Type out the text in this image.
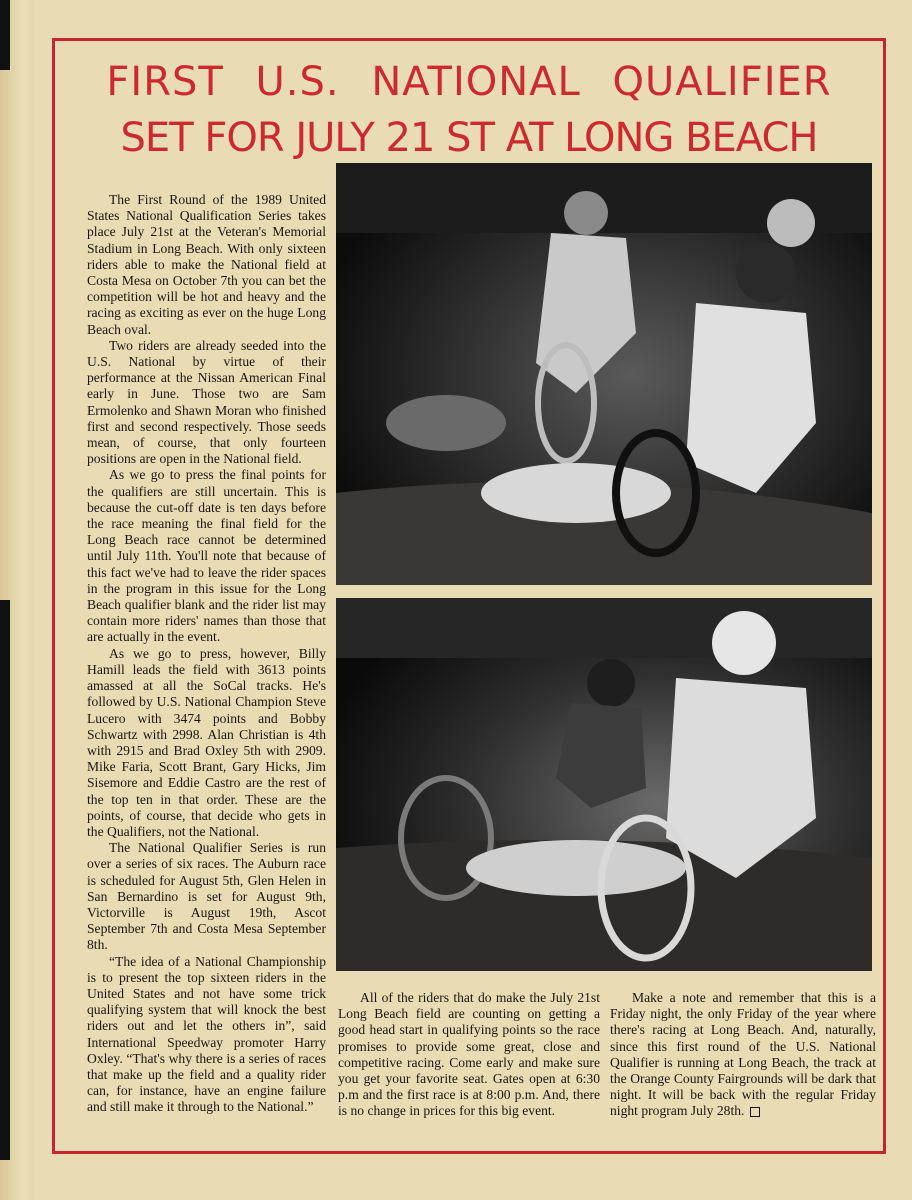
FIRST U.S. NATIONAL QUALIFIER
SET FOR JULY 21 ST AT LONG BEACH

The First Round of the 1989 United States National Qualification Series takes place July 21st at the Veteran's Memorial Stadium in Long Beach. With only sixteen riders able to make the National field at Costa Mesa on October 7th you can bet the competition will be hot and heavy and the racing as exciting as ever on the huge Long Beach oval.

Two riders are already seeded into the U.S. National by virtue of their performance at the Nissan American Final early in June. Those two are Sam Ermolenko and Shawn Moran who finished first and second respectively. Those seeds mean, of course, that only fourteen positions are open in the National field.

As we go to press the final points for the qualifiers are still uncertain. This is because the cut-off date is ten days before the race meaning the final field for the Long Beach race cannot be determined until July 11th. You'll note that because of this fact we've had to leave the rider spaces in the program in this issue for the Long Beach qualifier blank and the rider list may contain more riders' names than those that are actually in the event.

As we go to press, however, Billy Hamill leads the field with 3613 points amassed at all the SoCal tracks. He's followed by U.S. National Champion Steve Lucero with 3474 points and Bobby Schwartz with 2998. Alan Christian is 4th with 2915 and Brad Oxley 5th with 2909. Mike Faria, Scott Brant, Gary Hicks, Jim Sisemore and Eddie Castro are the rest of the top ten in that order. These are the points, of course, that decide who gets in the Qualifiers, not the National.

The National Qualifier Series is run over a series of six races. The Auburn race is scheduled for August 5th, Glen Helen in San Bernardino is set for August 9th, Victorville is August 19th, Ascot September 7th and Costa Mesa September 8th.

“The idea of a National Championship is to present the top sixteen riders in the United States and not have some trick qualifying system that will knock the best riders out and let the others in”, said International Speedway promoter Harry Oxley. “That's why there is a series of races that make up the field and a quality rider can, for instance, have an engine failure and still make it through to the National.”

All of the riders that do make the July 21st Long Beach field are counting on getting a good head start in qualifying points so the race promises to provide some great, close and competitive racing. Come early and make sure you get your favorite seat. Gates open at 6:30 p.m and the first race is at 8:00 p.m. And, there is no change in prices for this big event.

Make a note and remember that this is a Friday night, the only Friday of the year where there's racing at Long Beach. And, naturally, since this first round of the U.S. National Qualifier is running at Long Beach, the track at the Orange County Fairgrounds will be dark that night. It will be back with the regular Friday night program July 28th.
